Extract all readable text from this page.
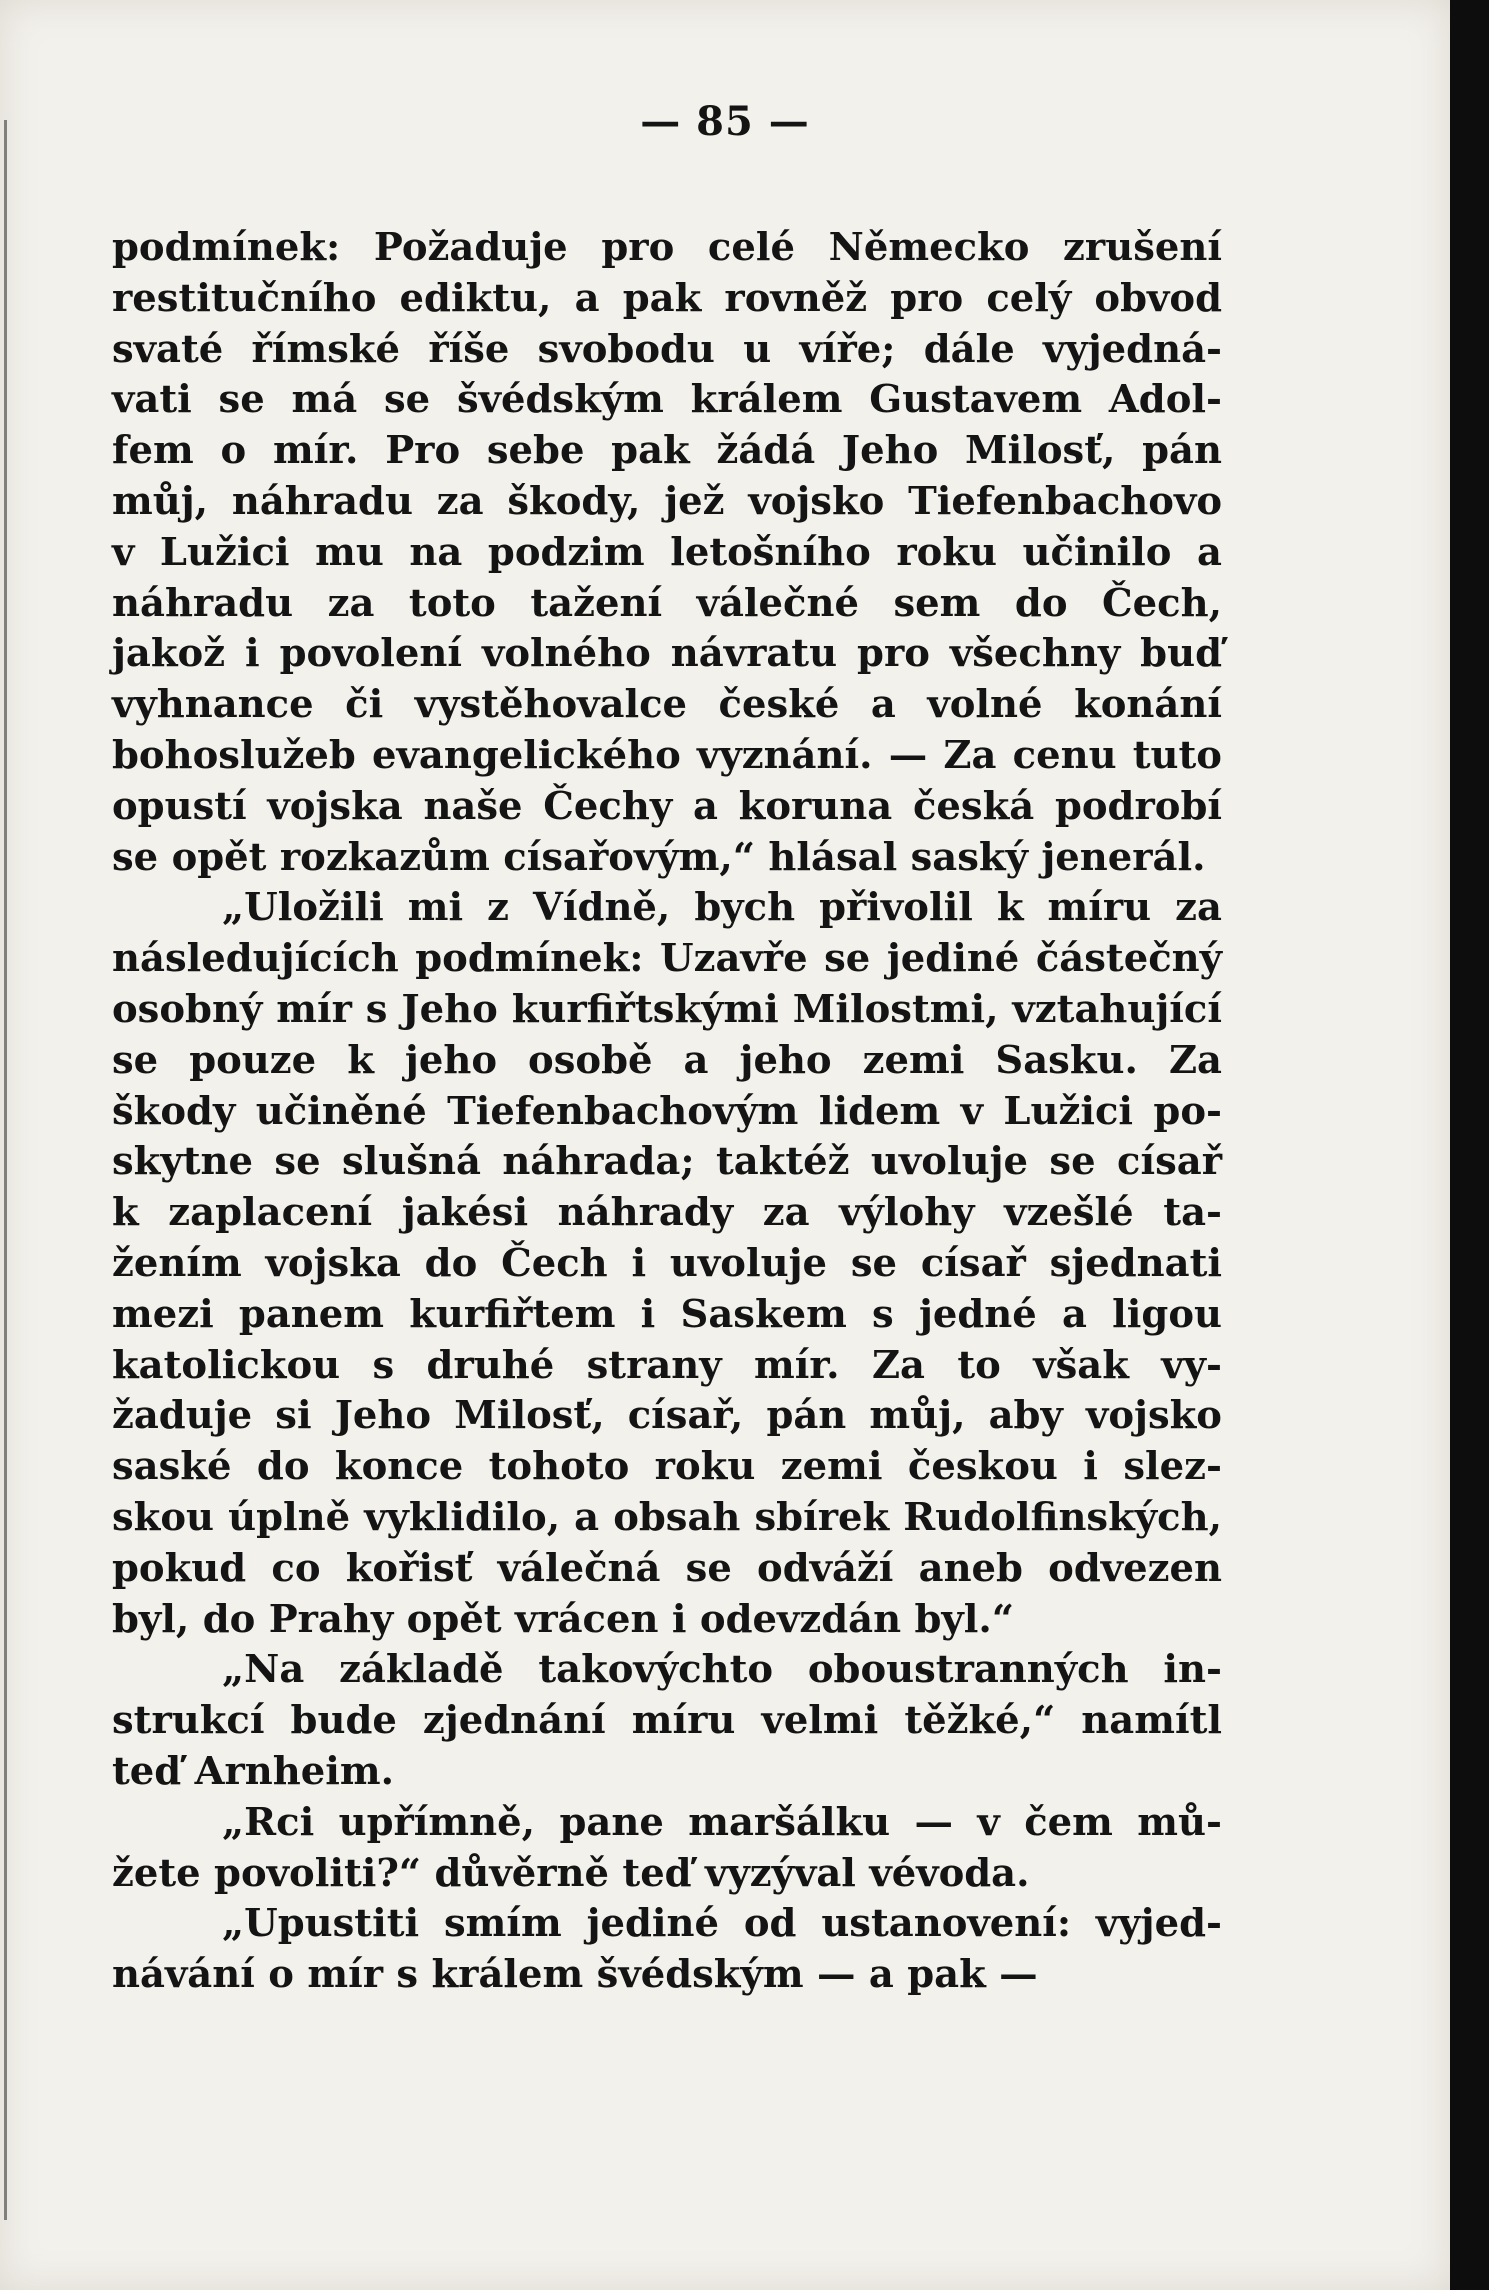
— 85 —

podmínek: Požaduje pro celé Německo zrušení
restitučního ediktu, a pak rovněž pro celý obvod
svaté římské říše svobodu u víře; dále vyjedná-
vati se má se švédským králem Gustavem Adol-
fem o mír. Pro sebe pak žádá Jeho Milosť, pán
můj, náhradu za škody, jež vojsko Tiefenbachovo
v Lužici mu na podzim letošního roku učinilo a
náhradu za toto tažení válečné sem do Čech,
jakož i povolení volného návratu pro všechny buď
vyhnance či vystěhovalce české a volné konání
bohoslužeb evangelického vyznání. — Za cenu tuto
opustí vojska naše Čechy a koruna česká podrobí
se opět rozkazům císařovým,“ hlásal saský jenerál.

„Uložili mi z Vídně, bych přivolil k míru za
následujících podmínek: Uzavře se jediné částečný
osobný mír s Jeho kurfiřtskými Milostmi, vztahující
se pouze k jeho osobě a jeho zemi Sasku. Za
škody učiněné Tiefenbachovým lidem v Lužici po-
skytne se slušná náhrada; taktéž uvoluje se císař
k zaplacení jakési náhrady za výlohy vzešlé ta-
žením vojska do Čech i uvoluje se císař sjednati
mezi panem kurfiřtem i Saskem s jedné a ligou
katolickou s druhé strany mír. Za to však vy-
žaduje si Jeho Milosť, císař, pán můj, aby vojsko
saské do konce tohoto roku zemi českou i slez-
skou úplně vyklidilo, a obsah sbírek Rudolfinských,
pokud co kořisť válečná se odváží aneb odvezen
byl, do Prahy opět vrácen i odevzdán byl.“

„Na základě takovýchto oboustranných in-
strukcí bude zjednání míru velmi těžké,“ namítl
teď Arnheim.

„Rci upřímně, pane maršálku — v čem mů-
žete povoliti?“ důvěrně teď vyzýval vévoda.

„Upustiti smím jediné od ustanovení: vyjed-
návání o mír s králem švédským — a pak —
